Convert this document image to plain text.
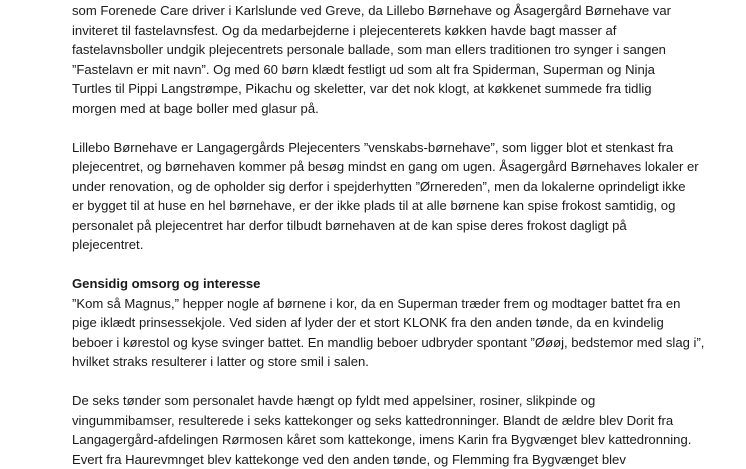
som Forenede Care driver i Karlslunde ved Greve, da Lillebo Børnehave og Åsagergård Børnehave var
inviteret til fastelavnsfest. Og da medarbejderne i plejecenterets køkken havde bagt masser af
fastelavnsboller undgik plejecentrets personale ballade, som man ellers traditionen tro synger i sangen
”Fastelavn er mit navn”. Og med 60 børn klædt festligt ud som alt fra Spiderman, Superman og Ninja
Turtles til Pippi Langstrømpe, Pikachu og skeletter, var det nok klogt, at køkkenet summede fra tidlig
morgen med at bage boller med glasur på.
Lillebo Børnehave er Langagergårds Plejecenters ”venskabs-børnehave”, som ligger blot et stenkast fra
plejecentret, og børnehaven kommer på besøg mindst en gang om ugen. Åsagergård Børnehaves lokaler er
under renovation, og de opholder sig derfor i spejderhytten ”Ørnereden”, men da lokalerne oprindeligt ikke
er bygget til at huse en hel børnehave, er der ikke plads til at alle børnene kan spise frokost samtidig, og
personalet på plejecentret har derfor tilbudt børnehaven at de kan spise deres frokost dagligt på
plejecentret.
Gensidig omsorg og interesse
”Kom så Magnus,” hepper nogle af børnene i kor, da en Superman træder frem og modtager battet fra en
pige iklædt prinsessekjole. Ved siden af lyder der et stort KLONK fra den anden tønde, da en kvindelig
beboer i kørestol og kyse svinger battet. En mandlig beboer udbryder spontant ”Øøøj, bedstemor med slag i”,
hvilket straks resulterer i latter og store smil i salen.
De seks tønder som personalet havde hængt op fyldt med appelsiner, rosiner, slikpinde og
vingummibamser, resulterede i seks kattekonger og seks kattedronninger. Blandt de ældre blev Dorit fra
Langagergård-afdelingen Rørmosen kåret som kattekonge, imens Karin fra Bygvænget blev kattedronning.
Evert fra Haurevmnget blev kattekonge ved den anden tønde, og Flemming fra Bygvænget blev
